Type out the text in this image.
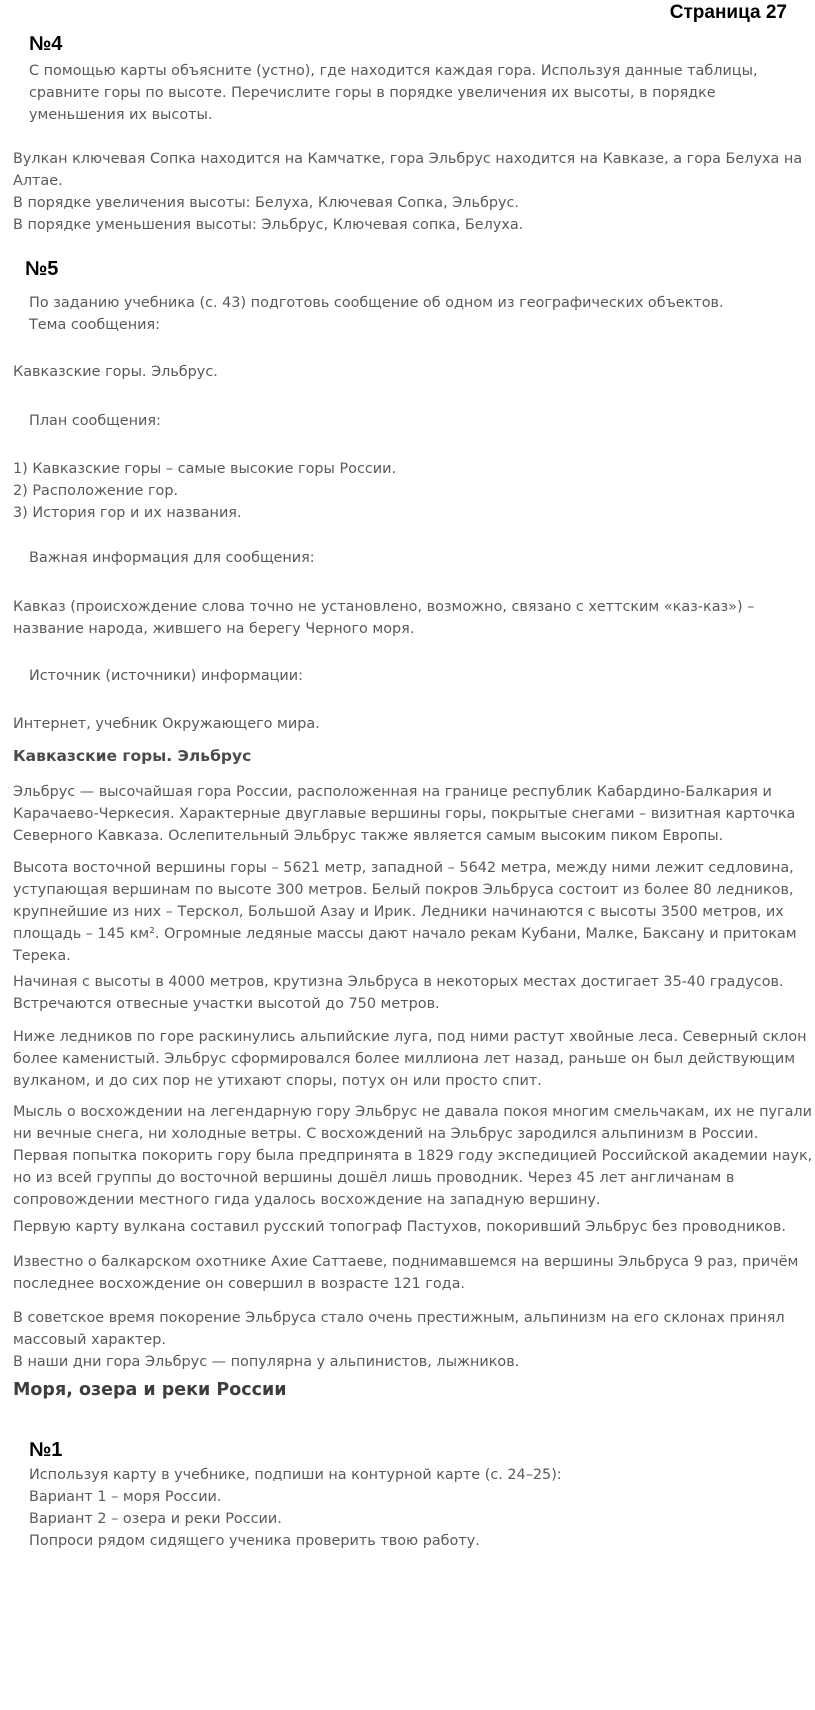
Страница 27
№4
С помощью карты объясните (устно), где находится каждая гора. Используя данные таблицы,
сравните горы по высоте. Перечислите горы в порядке увеличения их высоты, в порядке
уменьшения их высоты.
Вулкан ключевая Сопка находится на Камчатке, гора Эльбрус находится на Кавказе, а гора Белуха на
Алтае.
В порядке увеличения высоты: Белуха, Ключевая Сопка, Эльбрус.
В порядке уменьшения высоты: Эльбрус, Ключевая сопка, Белуха.
№5
По заданию учебника (с. 43) подготовь сообщение об одном из географических объектов.
Тема сообщения:
Кавказские горы. Эльбрус.
План сообщения:
1) Кавказские горы – самые высокие горы России.
2) Расположение гор.
3) История гор и их названия.
Важная информация для сообщения:
Кавказ (происхождение слова точно не установлено, возможно, связано с хеттским «каз-каз») –
название народа, жившего на берегу Черного моря.
Источник (источники) информации:
Интернет, учебник Окружающего мира.
Кавказские горы. Эльбрус
Эльбрус — высочайшая гора России, расположенная на границе республик Кабардино-Балкария и
Карачаево-Черкесия. Характерные двуглавые вершины горы, покрытые снегами – визитная карточка
Северного Кавказа. Ослепительный Эльбрус также является самым высоким пиком Европы.
Высота восточной вершины горы – 5621 метр, западной – 5642 метра, между ними лежит седловина,
уступающая вершинам по высоте 300 метров. Белый покров Эльбруса состоит из более 80 ледников,
крупнейшие из них – Терскол, Большой Азау и Ирик. Ледники начинаются с высоты 3500 метров, их
площадь – 145 км². Огромные ледяные массы дают начало рекам Кубани, Малке, Баксану и притокам
Терека.
Начиная с высоты в 4000 метров, крутизна Эльбруса в некоторых местах достигает 35-40 градусов.
Встречаются отвесные участки высотой до 750 метров.
Ниже ледников по горе раскинулись альпийские луга, под ними растут хвойные леса. Северный склон
более каменистый. Эльбрус сформировался более миллиона лет назад, раньше он был действующим
вулканом, и до сих пор не утихают споры, потух он или просто спит.
Мысль о восхождении на легендарную гору Эльбрус не давала покоя многим смельчакам, их не пугали
ни вечные снега, ни холодные ветры. С восхождений на Эльбрус зародился альпинизм в России.
Первая попытка покорить гору была предпринята в 1829 году экспедицией Российской академии наук,
но из всей группы до восточной вершины дошёл лишь проводник. Через 45 лет англичанам в
сопровождении местного гида удалось восхождение на западную вершину.
Первую карту вулкана составил русский топограф Пастухов, покоривший Эльбрус без проводников.
Известно о балкарском охотнике Ахие Саттаеве, поднимавшемся на вершины Эльбруса 9 раз, причём
последнее восхождение он совершил в возрасте 121 года.
В советское время покорение Эльбруса стало очень престижным, альпинизм на его склонах принял
массовый характер.
В наши дни гора Эльбрус — популярна у альпинистов, лыжников.
Моря, озера и реки России
№1
Используя карту в учебнике, подпиши на контурной карте (с. 24–25):
Вариант 1 – моря России.
Вариант 2 – озера и реки России.
Попроси рядом сидящего ученика проверить твою работу.
